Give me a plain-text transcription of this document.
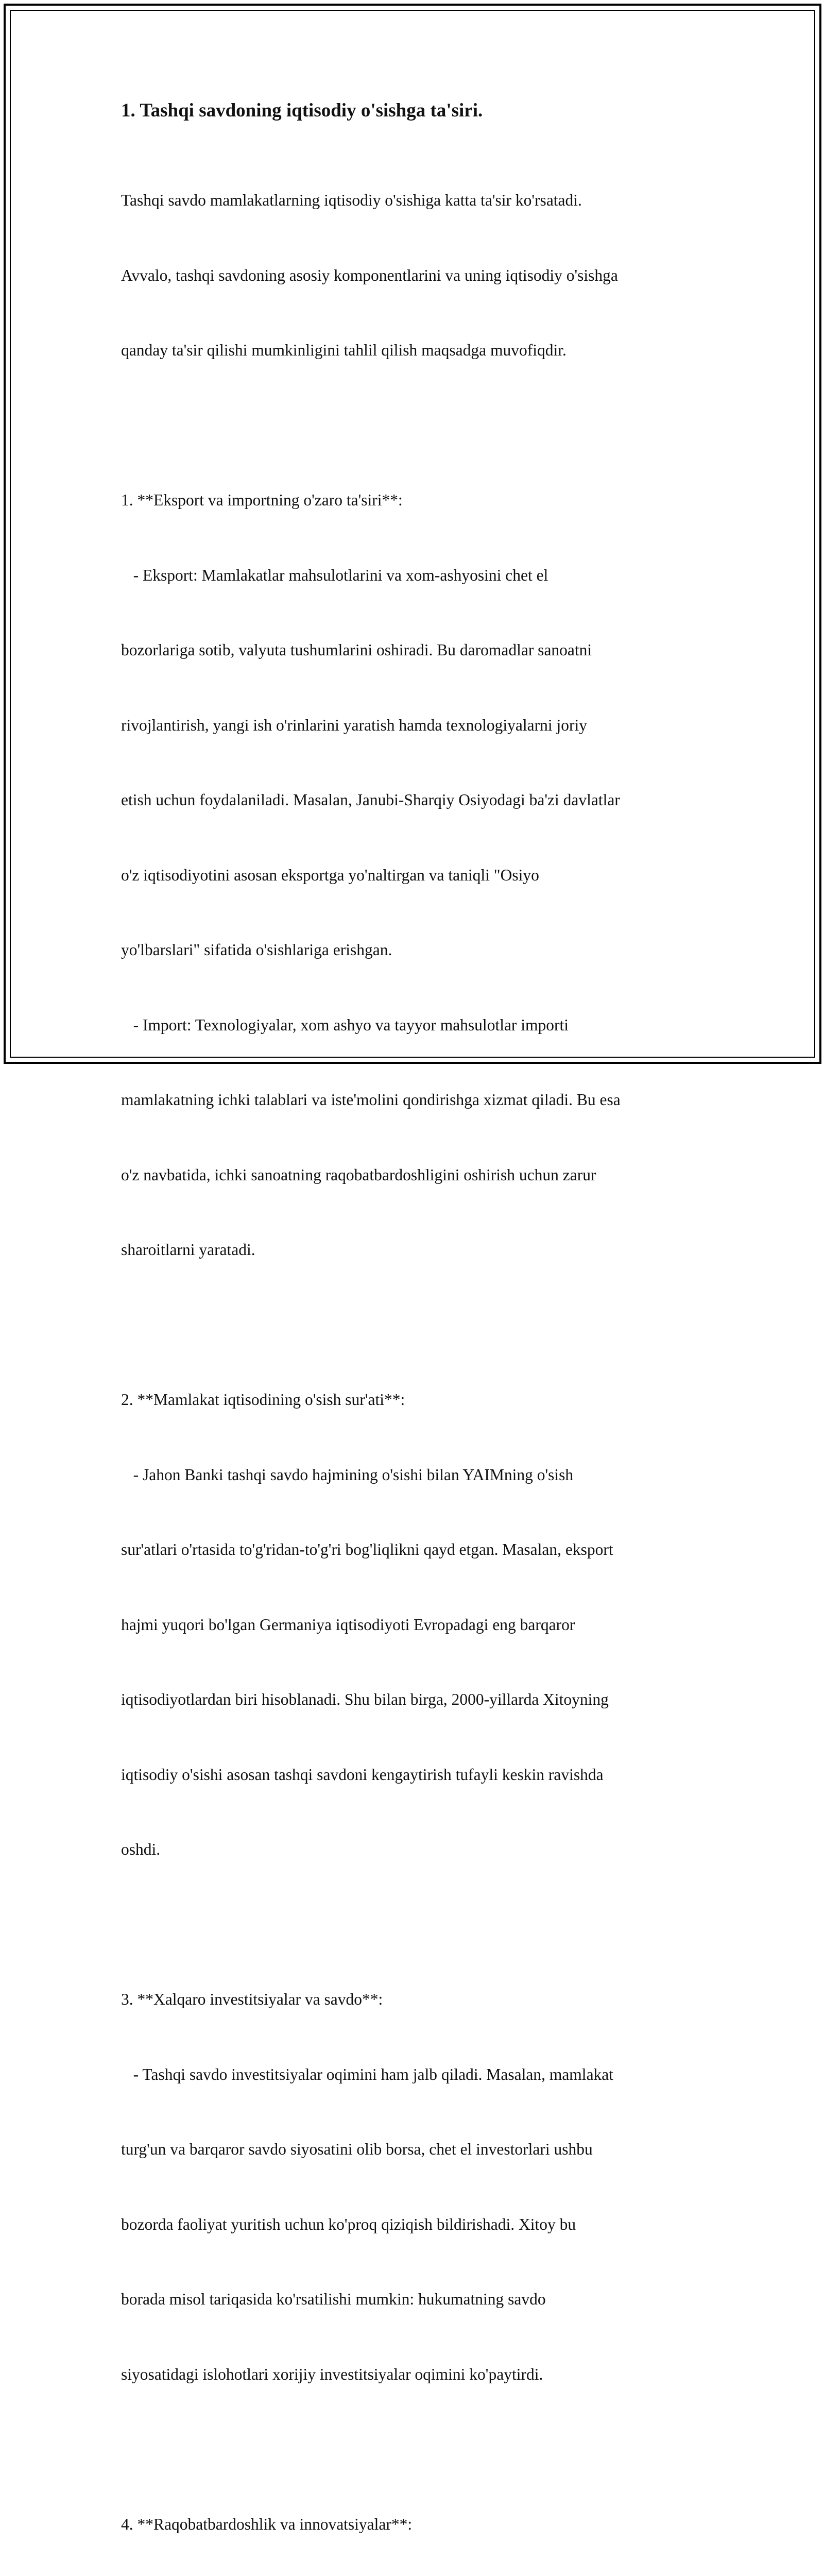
1. Tashqi savdoning iqtisodiy o'sishga ta'siri.

Tashqi savdo mamlakatlarning iqtisodiy o'sishiga katta ta'sir ko'rsatadi.

Avvalo, tashqi savdoning asosiy komponentlarini va uning iqtisodiy o'sishga

qanday ta'sir qilishi mumkinligini tahlil qilish maqsadga muvofiqdir.

1. **Eksport va importning o'zaro ta'siri**:

- Eksport: Mamlakatlar mahsulotlarini va xom-ashyosini chet el

bozorlariga sotib, valyuta tushumlarini oshiradi. Bu daromadlar sanoatni

rivojlantirish, yangi ish o'rinlarini yaratish hamda texnologiyalarni joriy

etish uchun foydalaniladi. Masalan, Janubi-Sharqiy Osiyodagi ba'zi davlatlar

o'z iqtisodiyotini asosan eksportga yo'naltirgan va taniqli "Osiyo

yo'lbarslari" sifatida o'sishlariga erishgan.

- Import: Texnologiyalar, xom ashyo va tayyor mahsulotlar importi

mamlakatning ichki talablari va iste'molini qondirishga xizmat qiladi. Bu esa

o'z navbatida, ichki sanoatning raqobatbardoshligini oshirish uchun zarur

sharoitlarni yaratadi.

2. **Mamlakat iqtisodining o'sish sur'ati**:

- Jahon Banki tashqi savdo hajmining o'sishi bilan YAIMning o'sish

sur'atlari o'rtasida to'g'ridan-to'g'ri bog'liqlikni qayd etgan. Masalan, eksport

hajmi yuqori bo'lgan Germaniya iqtisodiyoti Evropadagi eng barqaror

iqtisodiyotlardan biri hisoblanadi. Shu bilan birga, 2000-yillarda Xitoyning

iqtisodiy o'sishi asosan tashqi savdoni kengaytirish tufayli keskin ravishda

oshdi.

3. **Xalqaro investitsiyalar va savdo**:

- Tashqi savdo investitsiyalar oqimini ham jalb qiladi. Masalan, mamlakat

turg'un va barqaror savdo siyosatini olib borsa, chet el investorlari ushbu

bozorda faoliyat yuritish uchun ko'proq qiziqish bildirishadi. Xitoy bu

borada misol tariqasida ko'rsatilishi mumkin: hukumatning savdo

siyosatidagi islohotlari xorijiy investitsiyalar oqimini ko'paytirdi.

4. **Raqobatbardoshlik va innovatsiyalar**:
